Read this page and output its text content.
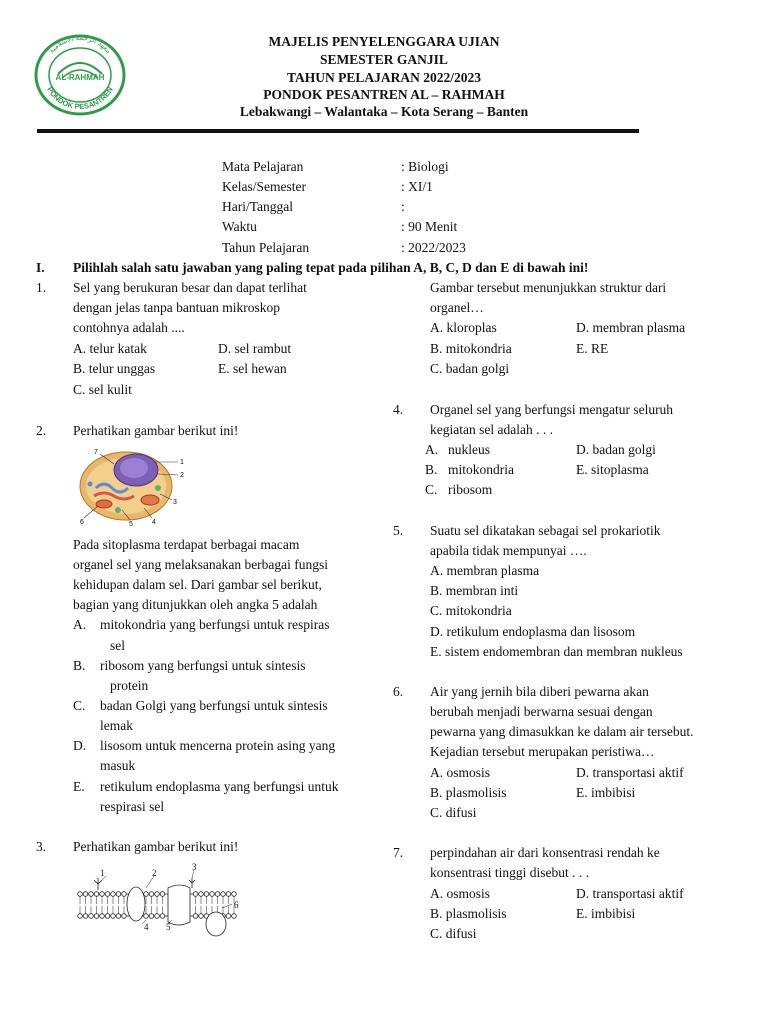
AL-RAHMAH
PONDOK PESANTREN
معهد الرحمة الاسلامية
MAJELIS PENYELENGGARA UJIAN
SEMESTER GANJIL
TAHUN PELAJARAN 2022/2023
PONDOK PESANTREN AL – RAHMAH
Lebakwangi – Walantaka – Kota Serang – Banten
Mata Pelajaran	: Biologi
Kelas/Semester	: XI/1
Hari/Tanggal	:
Waktu	: 90 Menit
Tahun Pelajaran	: 2022/2023
I. Pilihlah salah satu jawaban yang paling tepat pada pilihan A, B, C, D dan E di bawah ini!
1. Sel yang berukuran besar dan dapat terlihat
dengan jelas tanpa bantuan mikroskop
contohnya adalah ....
A. telur katak	D. sel rambut
B. telur unggas	E. sel hewan
C. sel kulit
2. Perhatikan gambar berikut ini!
7
1
2
3
4
5
6
Pada sitoplasma terdapat berbagai macam
organel sel yang melaksanakan berbagai fungsi
kehidupan dalam sel. Dari gambar sel berikut,
bagian yang ditunjukkan oleh angka 5 adalah
A. mitokondria yang berfungsi untuk respiras
sel
B. ribosom yang berfungsi untuk sintesis
protein
C. badan Golgi yang berfungsi untuk sintesis
lemak
D. lisosom untuk mencerna protein asing yang
masuk
E. retikulum endoplasma yang berfungsi untuk
respirasi sel
3. Perhatikan gambar berikut ini!
1	2
3
4 5
6
Gambar tersebut menunjukkan struktur dari
organel…
A. kloroplas	D. membran plasma
B. mitokondria	E. RE
C. badan golgi
4. Organel sel yang berfungsi mengatur seluruh
kegiatan sel adalah . . .
A. nukleus	D. badan golgi
B. mitokondria	E. sitoplasma
C. ribosom
5. Suatu sel dikatakan sebagai sel prokariotik
apabila tidak mempunyai ….
A. membran plasma
B. membran inti
C. mitokondria
D. retikulum endoplasma dan lisosom
E. sistem endomembran dan membran nukleus
6. Air yang jernih bila diberi pewarna akan
berubah menjadi berwarna sesuai dengan
pewarna yang dimasukkan ke dalam air tersebut.
Kejadian tersebut merupakan peristiwa…
A. osmosis	D. transportasi aktif
B. plasmolisis	E. imbibisi
C. difusi
7. perpindahan air dari konsentrasi rendah ke
konsentrasi tinggi disebut . . .
A. osmosis	D. transportasi aktif
B. plasmolisis	E. imbibisi
C. difusi
